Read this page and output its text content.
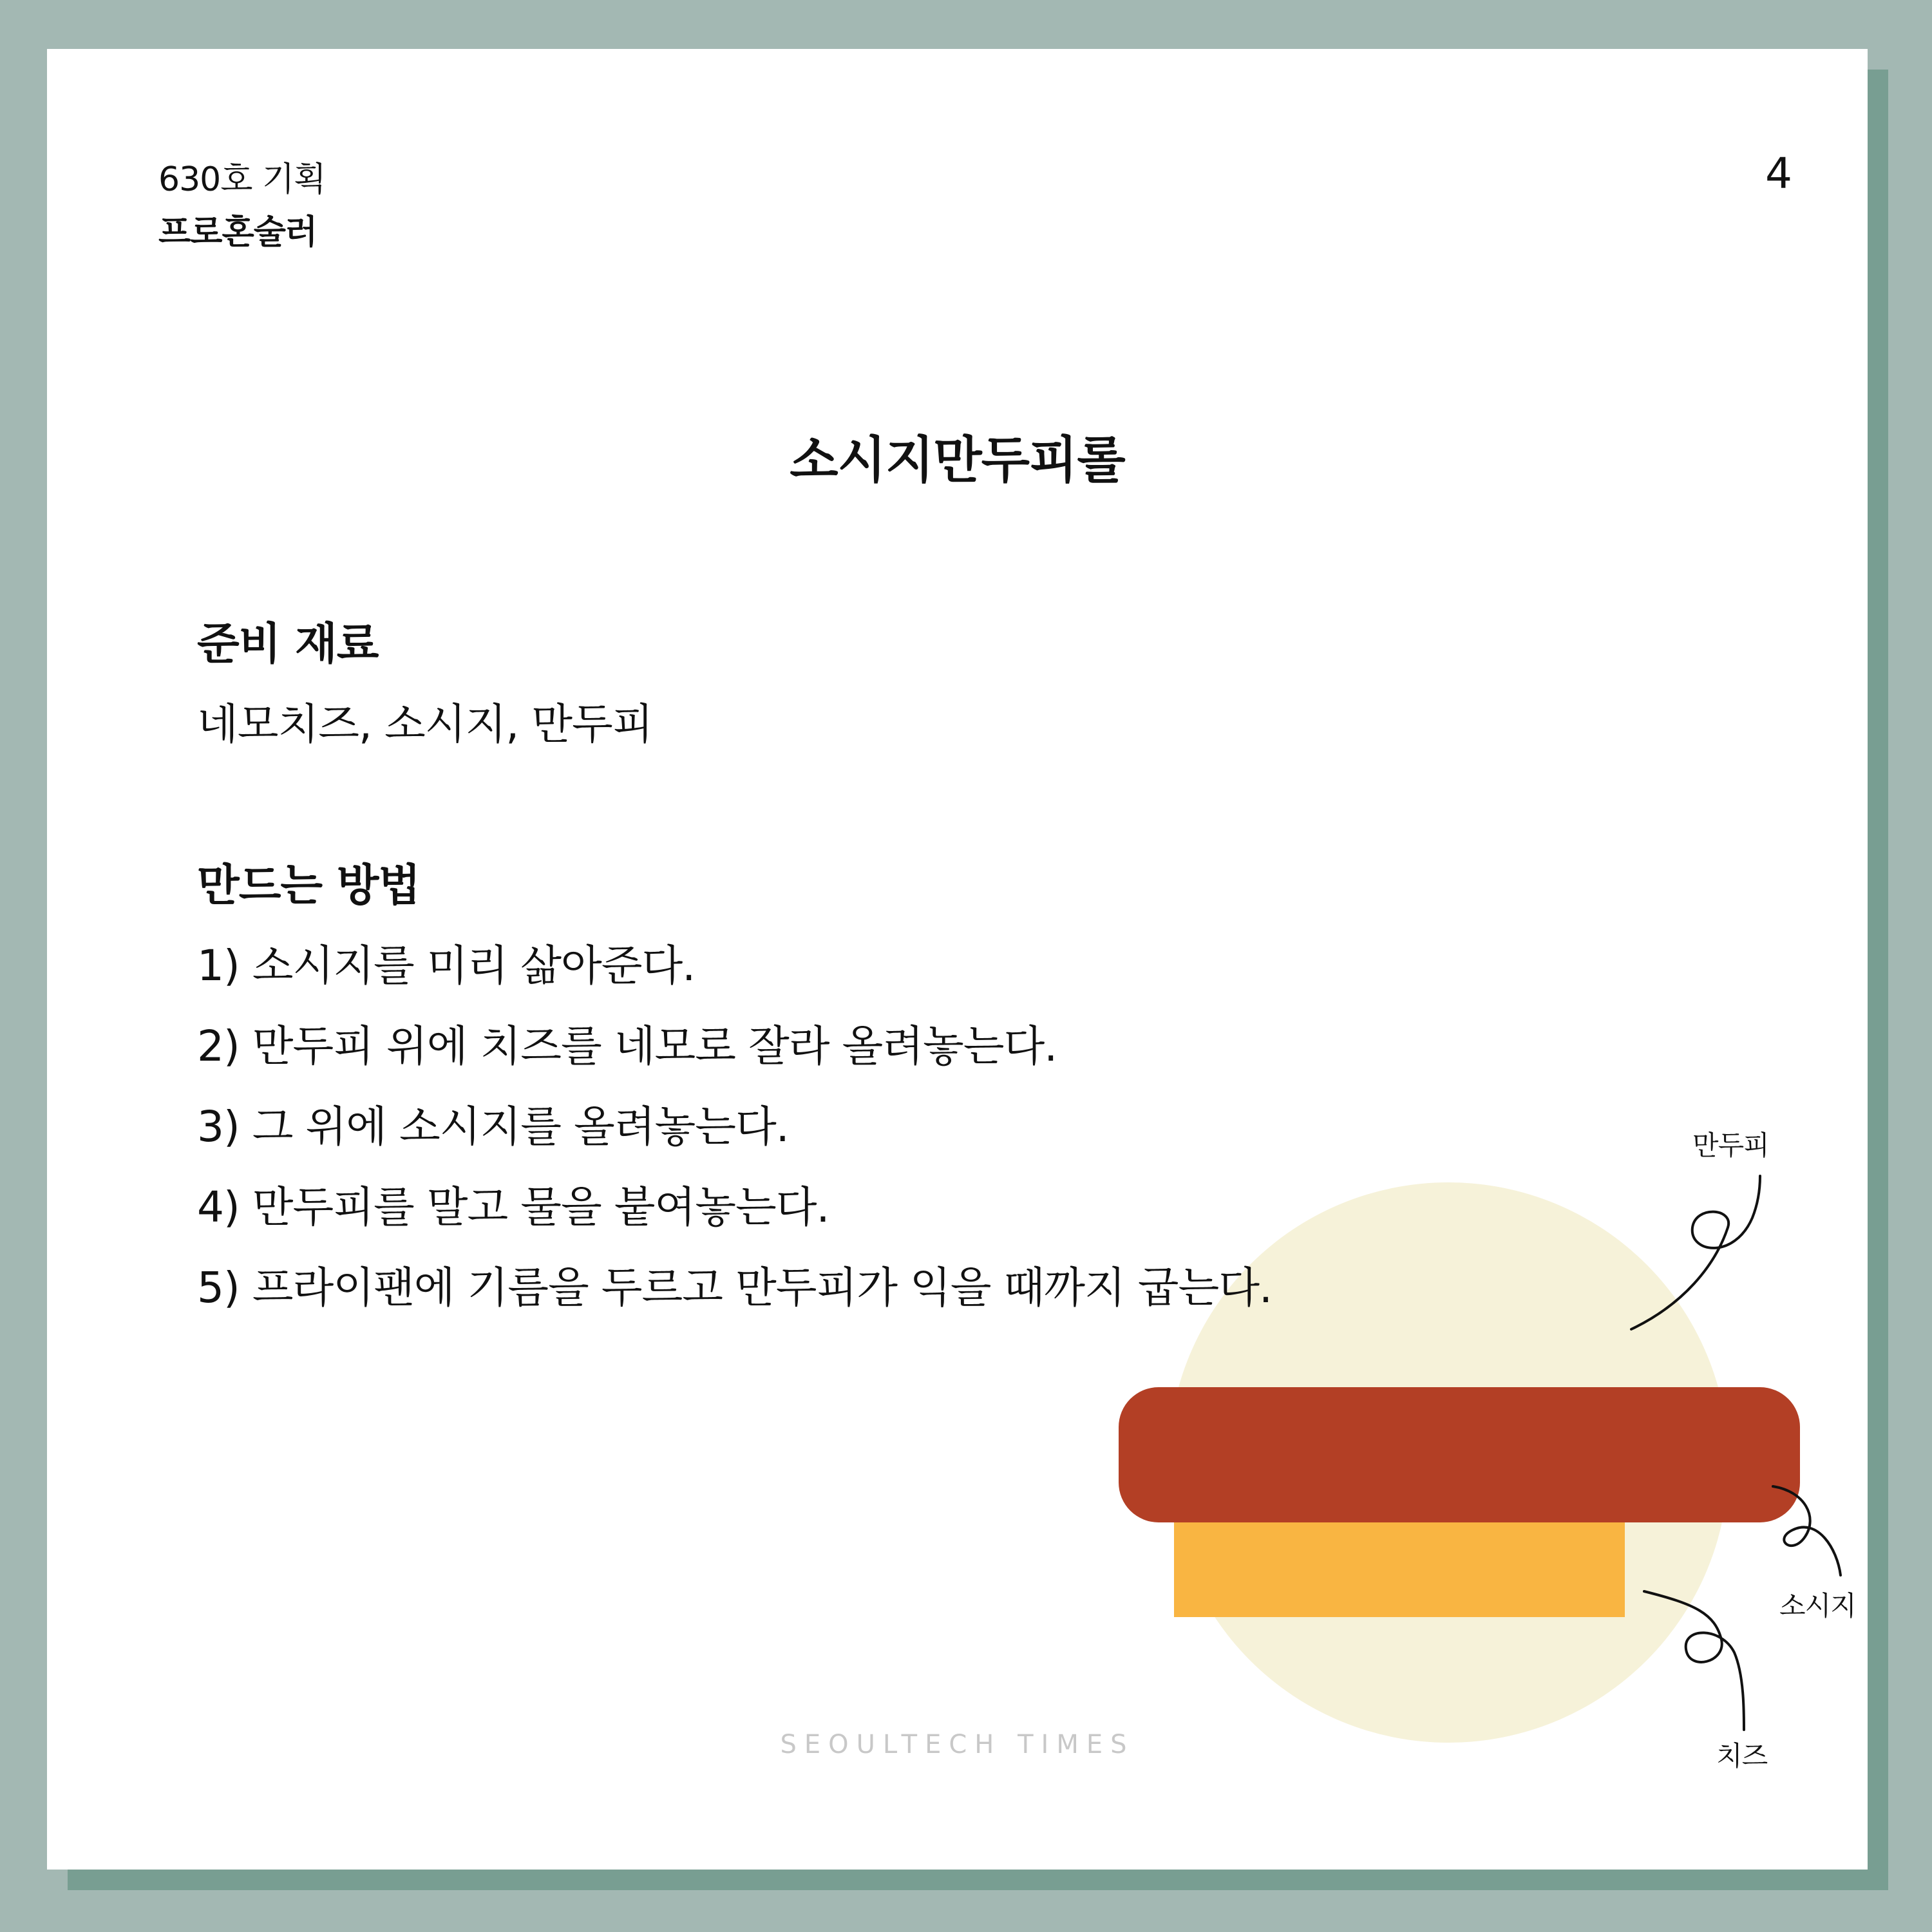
630호 기획
프로혼술러
4
소시지만두피롤
준비 재료
네모치즈, 소시지, 만두피
만드는 방법
만두피
소시지
치즈
1) 소시지를 미리 삶아준다.
2) 만두피 위에 치즈를 네모로 잘라 올려놓는다.
3) 그 위에 소시지를 올려놓는다.
4) 만두피를 말고 물을 붙여놓는다.
5) 프라이팬에 기름을 두르고 만두피가 익을 때까지 굽는다.
SEOULTECH TIMES
